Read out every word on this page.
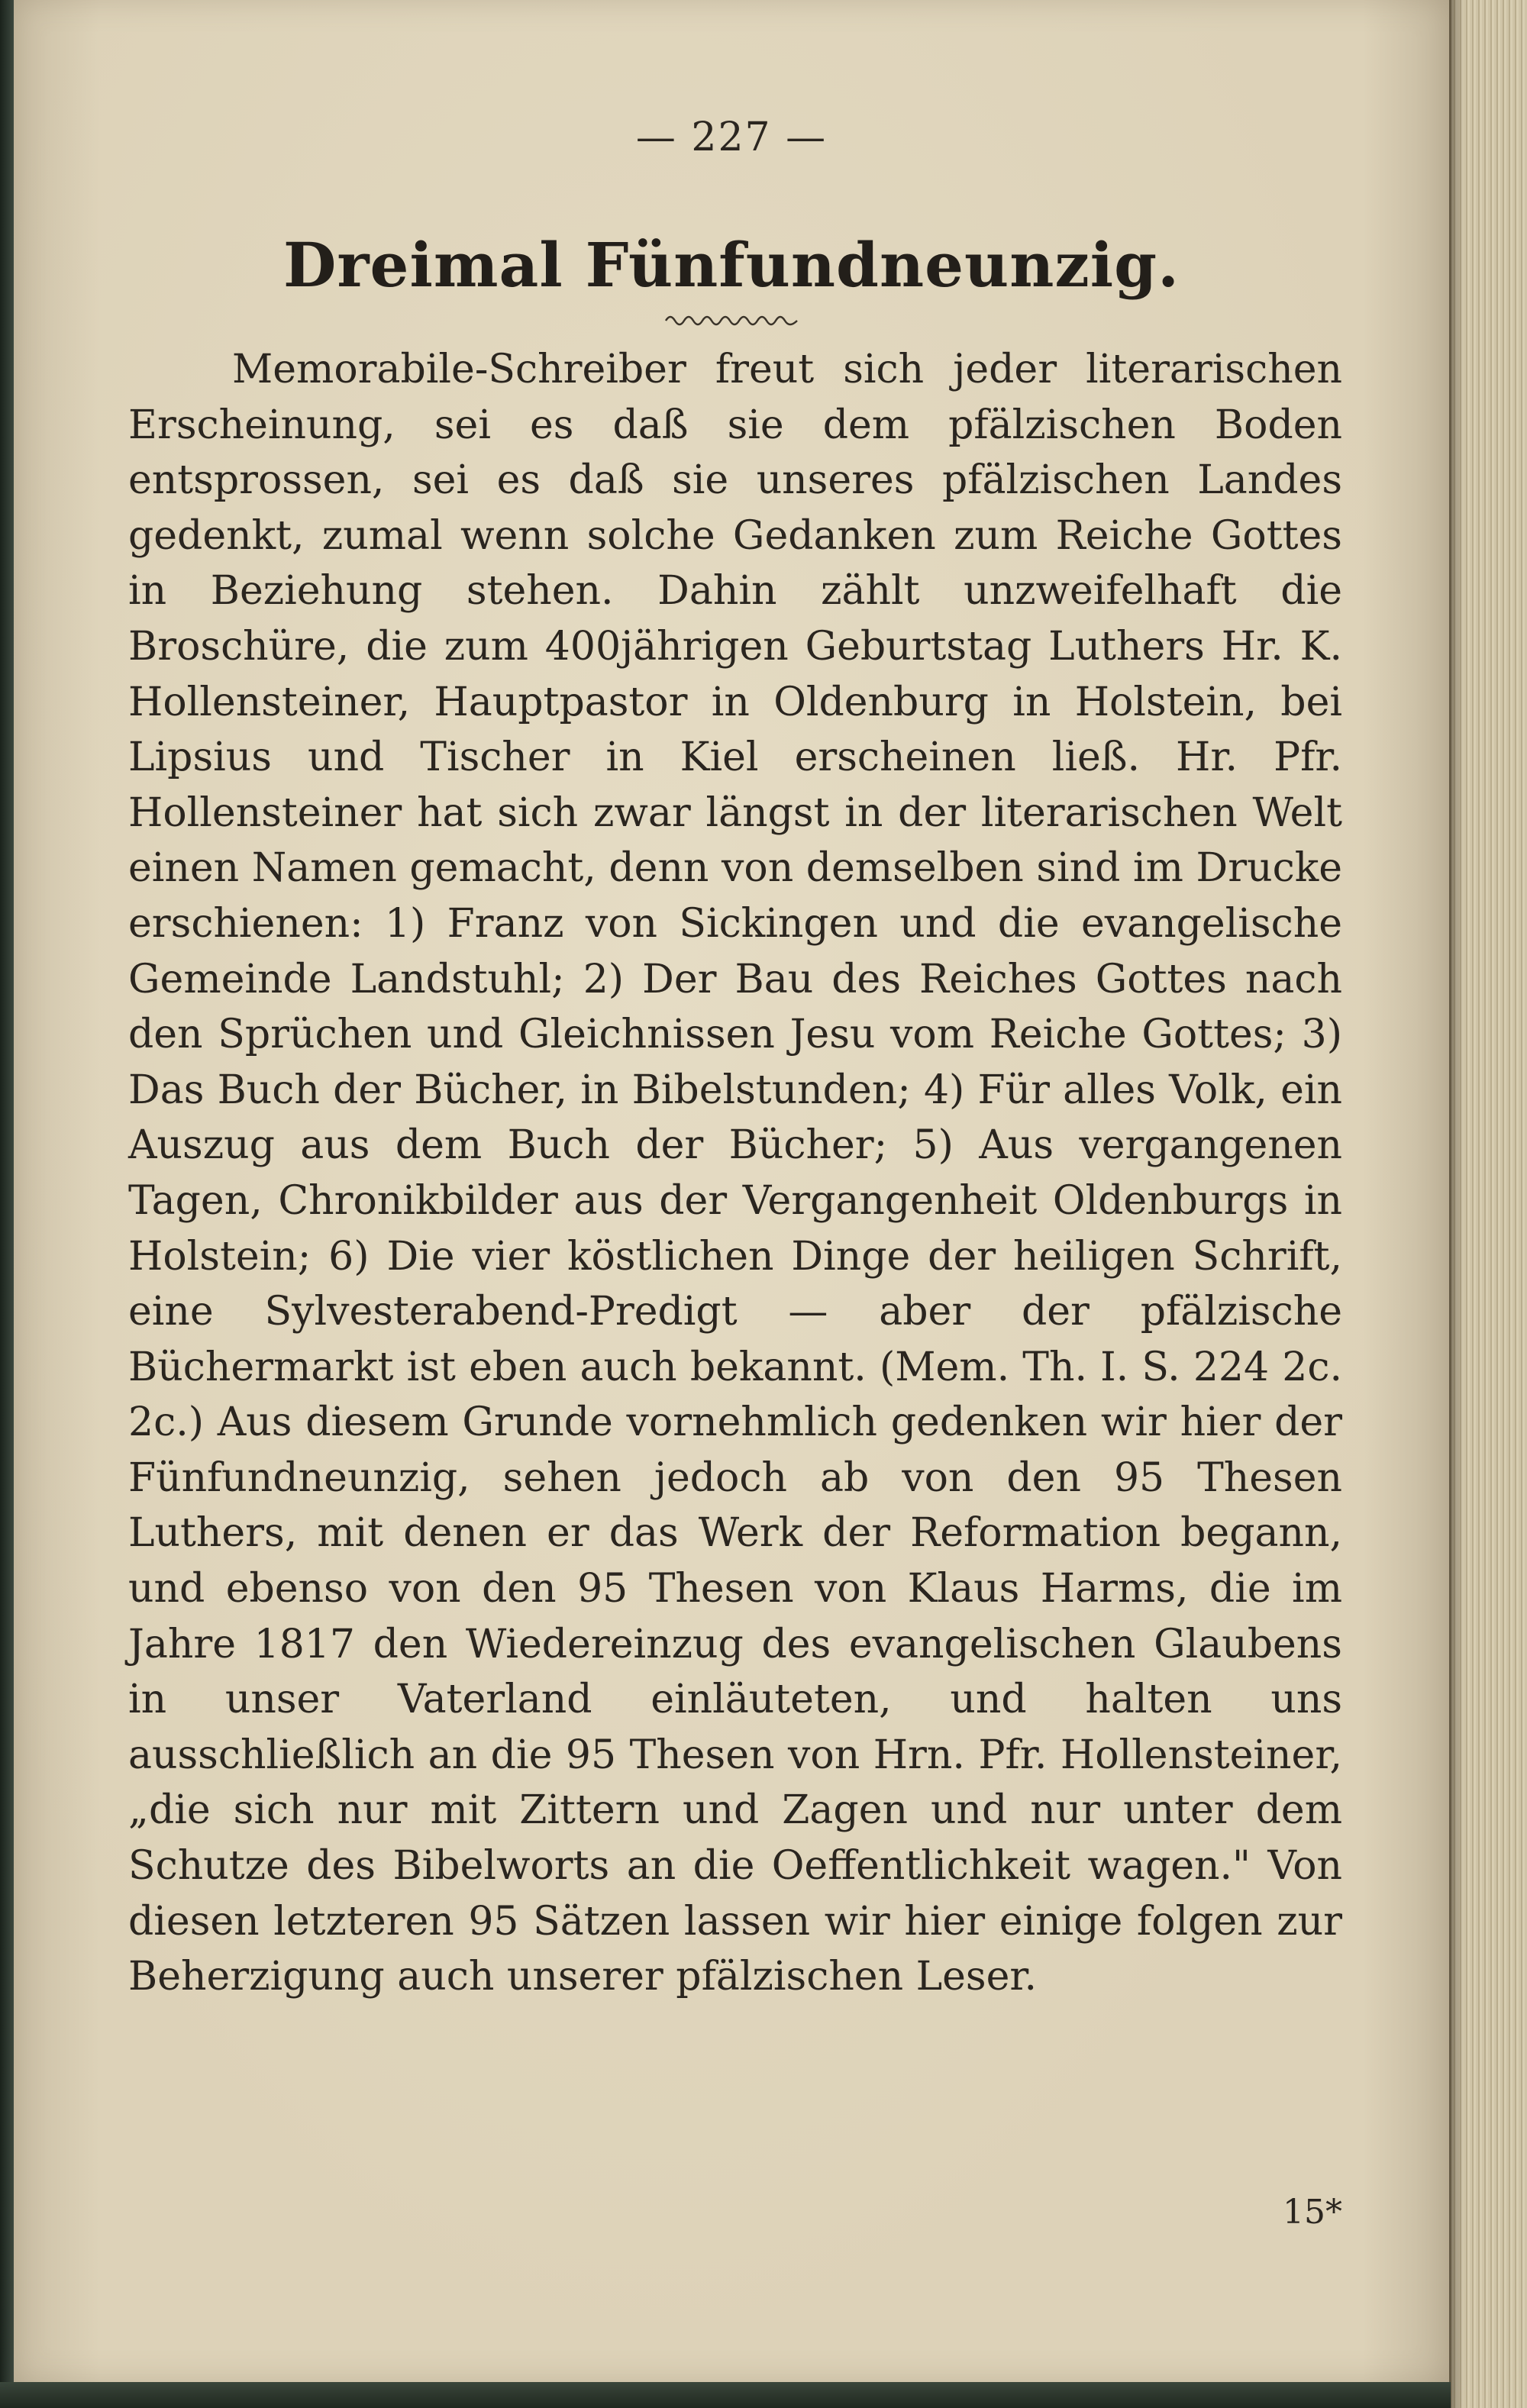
— 227 —
Dreimal Fünfundneunzig.

Memorabile-Schreiber freut sich jeder literarischen Erscheinung, sei es daß sie dem pfälzischen Boden entsprossen, sei es daß sie unseres pfälzischen Landes gedenkt, zumal wenn solche Gedanken zum Reiche Gottes in Beziehung stehen. Dahin zählt unzweifelhaft die Broschüre, die zum 400jährigen Geburtstag Luthers Hr. K. Hollensteiner, Hauptpastor in Oldenburg in Holstein, bei Lipsius und Tischer in Kiel erscheinen ließ. Hr. Pfr. Hollensteiner hat sich zwar längst in der literarischen Welt einen Namen gemacht, denn von demselben sind im Drucke erschienen: 1) Franz von Sickingen und die evangelische Gemeinde Landstuhl; 2) Der Bau des Reiches Gottes nach den Sprüchen und Gleichnissen Jesu vom Reiche Gottes; 3) Das Buch der Bücher, in Bibelstunden; 4) Für alles Volk, ein Auszug aus dem Buch der Bücher; 5) Aus vergangenen Tagen, Chronikbilder aus der Vergangenheit Oldenburgs in Holstein; 6) Die vier köstlichen Dinge der heiligen Schrift, eine Sylvesterabend-Predigt — aber der pfälzische Büchermarkt ist eben auch bekannt. (Mem. Th. I. S. 224 2c. 2c.) Aus diesem Grunde vornehmlich gedenken wir hier der Fünfundneunzig, sehen jedoch ab von den 95 Thesen Luthers, mit denen er das Werk der Reformation begann, und ebenso von den 95 Thesen von Klaus Harms, die im Jahre 1817 den Wiedereinzug des evangelischen Glaubens in unser Vaterland einläuteten, und halten uns ausschließlich an die 95 Thesen von Hrn. Pfr. Hollensteiner, „die sich nur mit Zittern und Zagen und nur unter dem Schutze des Bibelworts an die Oeffentlichkeit wagen." Von diesen letzteren 95 Sätzen lassen wir hier einige folgen zur Beherzigung auch unserer pfälzischen Leser.

15*
